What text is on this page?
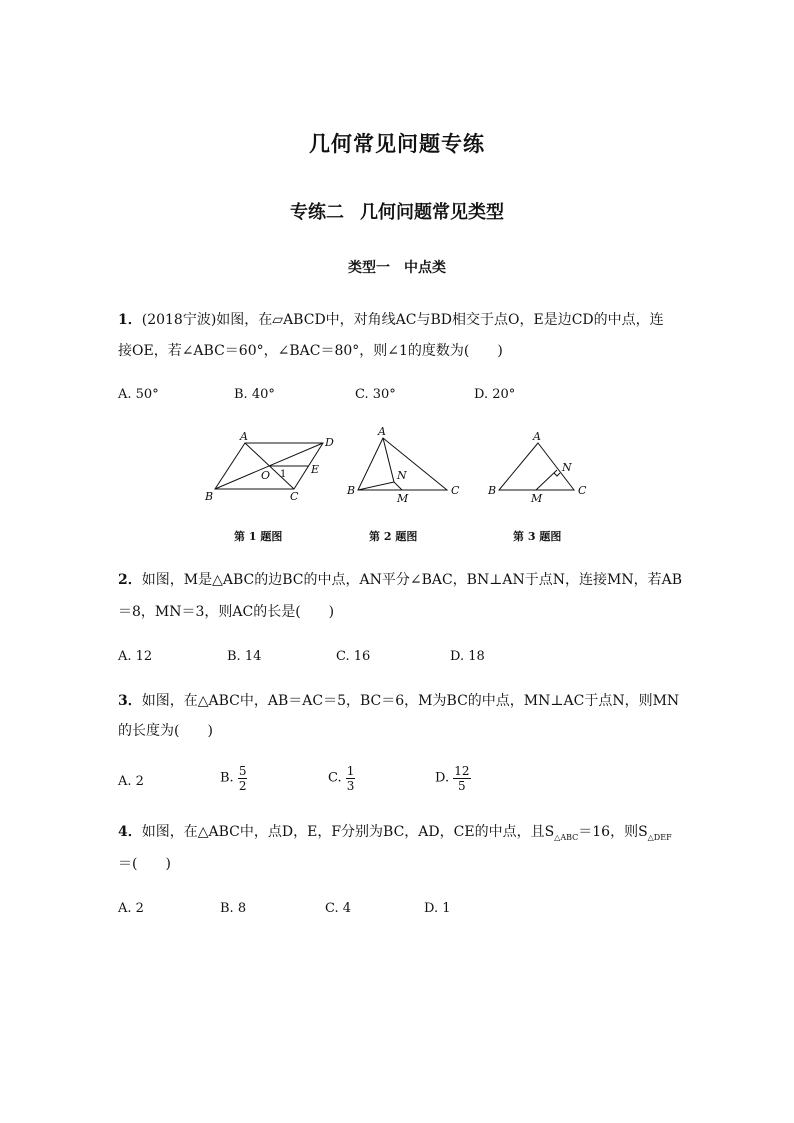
几何常见问题专练
专练二 几何问题常见类型
类型一 中点类
1．(2018宁波)如图，在▱ABCD中，对角线AC与BD相交于点O，E是边CD的中点，连
接OE，若∠ABC＝60°，∠BAC＝80°，则∠1的度数为(　　)
A. 50°	B. 40°	C. 30°	D. 20°
A	D
B	C
O	E
1
A
B	C
N
M
A
B	C
N
M
第 1 题图	第 2 题图	第 3 题图
2．如图，M是△ABC的边BC的中点，AN平分∠BAC，BN⊥AN于点N，连接MN，若AB
＝8，MN＝3，则AC的长是(　　)
A. 12	B. 14	C. 16	D. 18
3．如图，在△ABC中，AB＝AC＝5，BC＝6，M为BC的中点，MN⊥AC于点N，则MN
的长度为(　　)
A. 2	B. $\frac{5}{2}$	C. $\frac{1}{3}$	D. $\frac{12}{5}$
4．如图，在△ABC中，点D，E，F分别为BC，AD，CE的中点，且$S_{\triangle ABC}=16$，则$S_{\triangle DEF}$
＝(　　)
A. 2	B. 8	C. 4	D. 1
